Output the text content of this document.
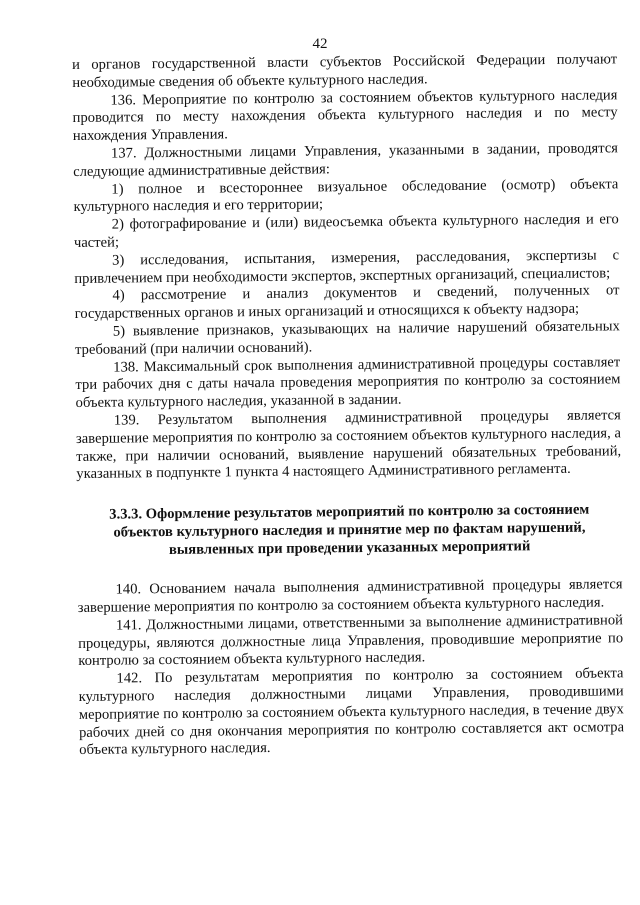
42

и органов государственной власти субъектов Российской Федерации получают необходимые сведения об объекте культурного наследия.

136. Мероприятие по контролю за состоянием объектов культурного наследия проводится по месту нахождения объекта культурного наследия и по месту нахождения Управления.

137. Должностными лицами Управления, указанными в задании, проводятся следующие административные действия:

1) полное и всестороннее визуальное обследование (осмотр) объекта культурного наследия и его территории;

2) фотографирование и (или) видеосъемка объекта культурного наследия и его частей;

3) исследования, испытания, измерения, расследования, экспертизы с привлечением при необходимости экспертов, экспертных организаций, специалистов;

4) рассмотрение и анализ документов и сведений, полученных от государственных органов и иных организаций и относящихся к объекту надзора;

5) выявление признаков, указывающих на наличие нарушений обязательных требований (при наличии оснований).

138. Максимальный срок выполнения административной процедуры составляет три рабочих дня с даты начала проведения мероприятия по контролю за состоянием объекта культурного наследия, указанной в задании.

139. Результатом выполнения административной процедуры является завершение мероприятия по контролю за состоянием объектов культурного наследия, а также, при наличии оснований, выявление нарушений обязательных требований, указанных в подпункте 1 пункта 4 настоящего Административного регламента.

3.3.3. Оформление результатов мероприятий по контролю за состоянием объектов культурного наследия и принятие мер по фактам нарушений, выявленных при проведении указанных мероприятий

140. Основанием начала выполнения административной процедуры является завершение мероприятия по контролю за состоянием объекта культурного наследия.

141. Должностными лицами, ответственными за выполнение административной процедуры, являются должностные лица Управления, проводившие мероприятие по контролю за состоянием объекта культурного наследия.

142. По результатам мероприятия по контролю за состоянием объекта культурного наследия должностными лицами Управления, проводившими мероприятие по контролю за состоянием объекта культурного наследия, в течение двух рабочих дней со дня окончания мероприятия по контролю составляется акт осмотра объекта культурного наследия.
